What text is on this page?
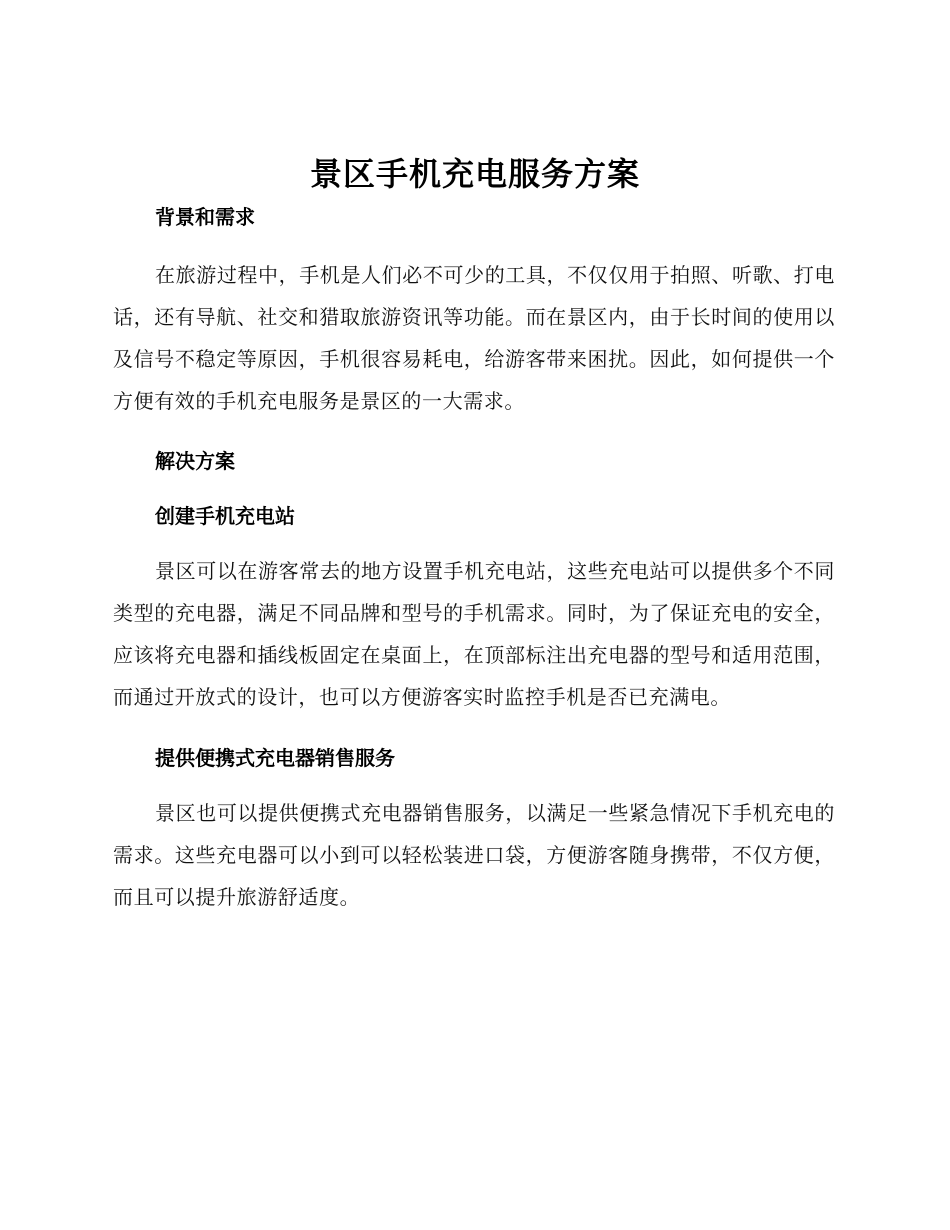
景区手机充电服务方案
背景和需求

在旅游过程中，手机是人们必不可少的工具，不仅仅用于拍照、听歌、打电话，还有导航、社交和猎取旅游资讯等功能。而在景区内，由于长时间的使用以及信号不稳定等原因，手机很容易耗电，给游客带来困扰。因此，如何提供一个方便有效的手机充电服务是景区的一大需求。

解决方案
创建手机充电站

景区可以在游客常去的地方设置手机充电站，这些充电站可以提供多个不同类型的充电器，满足不同品牌和型号的手机需求。同时，为了保证充电的安全，应该将充电器和插线板固定在桌面上，在顶部标注出充电器的型号和适用范围，而通过开放式的设计，也可以方便游客实时监控手机是否已充满电。

提供便携式充电器销售服务

景区也可以提供便携式充电器销售服务，以满足一些紧急情况下手机充电的需求。这些充电器可以小到可以轻松装进口袋，方便游客随身携带，不仅方便，而且可以提升旅游舒适度。
